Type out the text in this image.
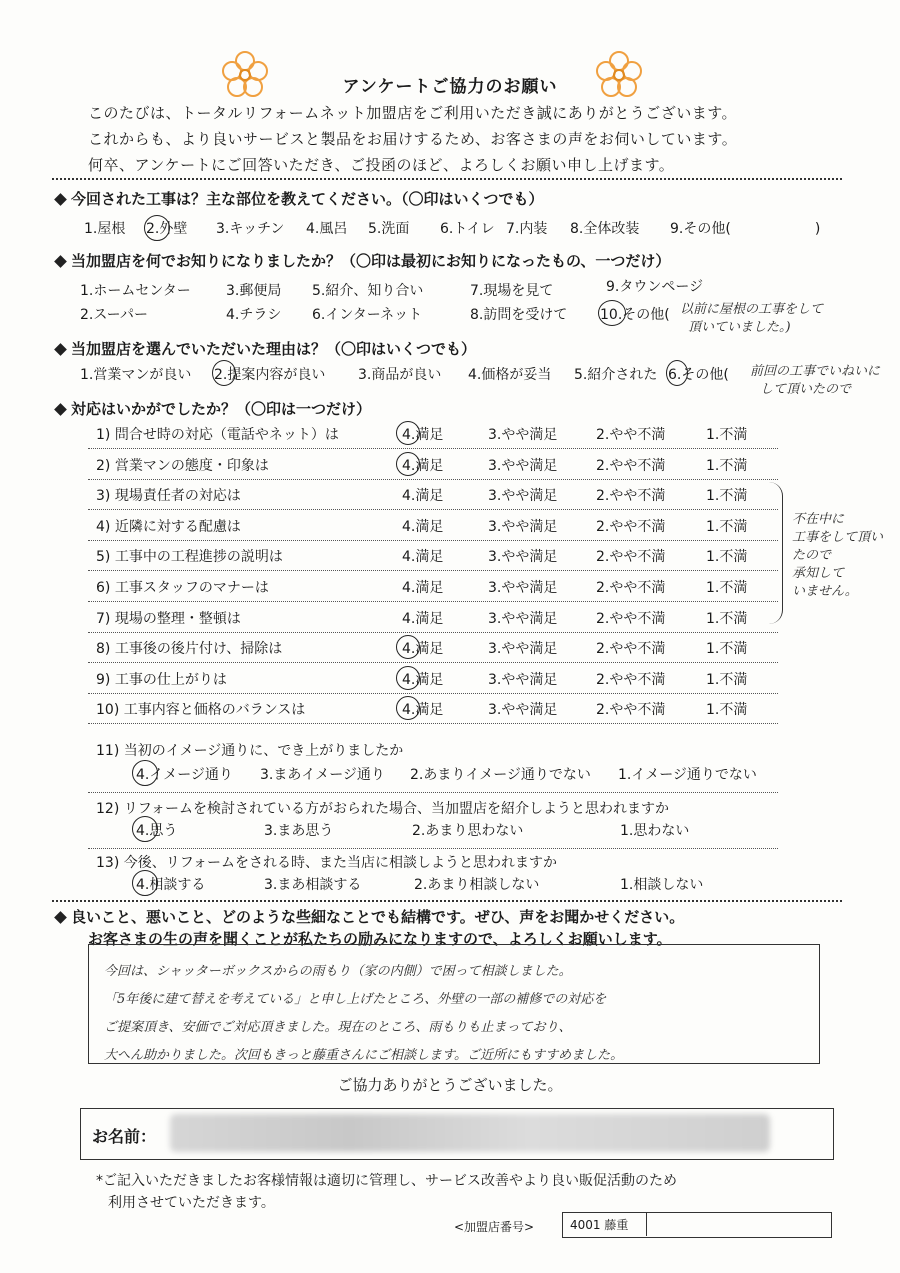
アンケートご協力のお願い
このたびは、トータルリフォームネット加盟店をご利用いただき誠にありがとうございます。
これからも、より良いサービスと製品をお届けするため、お客さまの声をお伺いしています。
何卒、アンケートにご回答いただき、ご投函のほど、よろしくお願い申し上げます。
今回された工事は？主な部位を教えてください。（〇印はいくつでも）
1.屋根 2.外壁 3.キッチン 4.風呂 5.洗面 6.トイレ 7.内装 8.全体改装 9.その他(　　　　　　)
当加盟店を何でお知りになりましたか？（〇印は最初にお知りになったもの、一つだけ）
1.ホームセンター	3.郵便局 5.紹介、知り合い	7.現場を見て	9.タウンページ
2.スーパー	4.チラシ 6.インターネット	8.訪問を受けて 10.その他( 以前に屋根の工事をして
頂いていました。)
当加盟店を選んでいただいた理由は？（〇印はいくつでも）
1.営業マンが良い 2.提案内容が良い 3.商品が良い 4.価格が妥当 5.紹介された 6.その他( 前回の工事でいねいに
して頂いたので
対応はいかがでしたか？（〇印は一つだけ）
1) 問合せ時の対応（電話やネット）は	4.満足	3.やや満足	2.やや不満	1.不満
2) 営業マンの態度・印象は	4.満足	3.やや満足	2.やや不満	1.不満
3) 現場責任者の対応は	4.満足	3.やや満足	2.やや不満	1.不満
4) 近隣に対する配慮は	4.満足	3.やや満足	2.やや不満	1.不満
5) 工事中の工程進捗の説明は	4.満足	3.やや満足	2.やや不満	1.不満
6) 工事スタッフのマナーは	4.満足	3.やや満足	2.やや不満	1.不満
7) 現場の整理・整頓は	4.満足	3.やや満足	2.やや不満	1.不満
8) 工事後の後片付け、掃除は	4.満足	3.やや満足	2.やや不満	1.不満
9) 工事の仕上がりは	4.満足	3.やや満足	2.やや不満	1.不満
10) 工事内容と価格のバランスは	4.満足	3.やや満足	2.やや不満	1.不満
不在中に
工事をして頂い
たので
承知して
いません。
11) 当初のイメージ通りに、でき上がりましたか
4.イメージ通り 3.まあイメージ通り 2.あまりイメージ通りでない 1.イメージ通りでない
12) リフォームを検討されている方がおられた場合、当加盟店を紹介しようと思われますか
4.思う	3.まあ思う	2.あまり思わない	1.思わない
13) 今後、リフォームをされる時、また当店に相談しようと思われますか
4.相談する	3.まあ相談する	2.あまり相談しない	1.相談しない
良いこと、悪いこと、どのような些細なことでも結構です。ぜひ、声をお聞かせください。
お客さまの生の声を聞くことが私たちの励みになりますので、よろしくお願いします。
今回は、シャッターボックスからの雨もり（家の内側）で困って相談しました。
「5年後に建て替えを考えている」と申し上げたところ、外壁の一部の補修での対応を
ご提案頂き、安価でご対応頂きました。現在のところ、雨もりも止まっており、
大へん助かりました。次回もきっと藤重さんにご相談します。ご近所にもすすめました。
ご協力ありがとうございました。
お名前：
*ご記入いただきましたお客様情報は適切に管理し、サービス改善やより良い販促活動のため
利用させていただきます。
<加盟店番号>	4001 藤重
